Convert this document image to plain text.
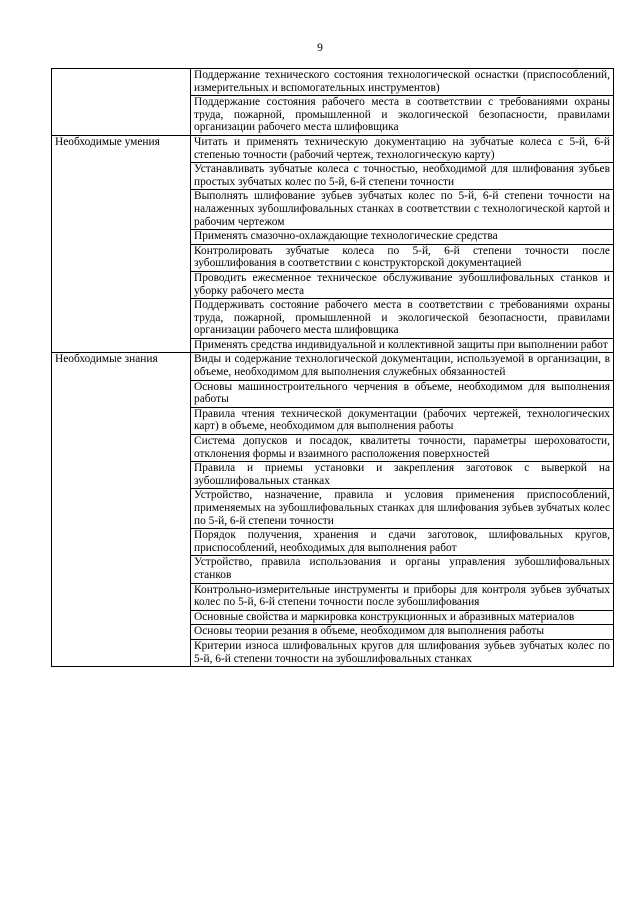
9
	Поддержание технического состояния технологической оснастки (приспособлений, измерительных и вспомогательных инструментов)
	Поддержание состояния рабочего места в соответствии с требованиями охраны труда, пожарной, промышленной и экологической безопасности, правилами организации рабочего места шлифовщика
Необходимые умения	Читать и применять техническую документацию на зубчатые колеса с 5-й, 6-й степенью точности (рабочий чертеж, технологическую карту)
	Устанавливать зубчатые колеса с точностью, необходимой для шлифования зубьев простых зубчатых колес по 5-й, 6-й степени точности
	Выполнять шлифование зубьев зубчатых колес по 5-й, 6-й степени точности на налаженных зубошлифовальных станках в соответствии с технологической картой и рабочим чертежом
	Применять смазочно-охлаждающие технологические средства
	Контролировать зубчатые колеса по 5-й, 6-й степени точности после зубошлифования в соответствии с конструкторской документацией
	Проводить ежесменное техническое обслуживание зубошлифовальных станков и уборку рабочего места
	Поддерживать состояние рабочего места в соответствии с требованиями охраны труда, пожарной, промышленной и экологической безопасности, правилами организации рабочего места шлифовщика
	Применять средства индивидуальной и коллективной защиты при выполнении работ
Необходимые знания	Виды и содержание технологической документации, используемой в организации, в объеме, необходимом для выполнения служебных обязанностей
	Основы машиностроительного черчения в объеме, необходимом для выполнения работы
	Правила чтения технической документации (рабочих чертежей, технологических карт) в объеме, необходимом для выполнения работы
	Система допусков и посадок, квалитеты точности, параметры шероховатости, отклонения формы и взаимного расположения поверхностей
	Правила и приемы установки и закрепления заготовок с выверкой на зубошлифовальных станках
	Устройство, назначение, правила и условия применения приспособлений, применяемых на зубошлифовальных станках для шлифования зубьев зубчатых колес по 5-й, 6-й степени точности
	Порядок получения, хранения и сдачи заготовок, шлифовальных кругов, приспособлений, необходимых для выполнения работ
	Устройство, правила использования и органы управления зубошлифовальных станков
	Контрольно-измерительные инструменты и приборы для контроля зубьев зубчатых колес по 5-й, 6-й степени точности после зубошлифования
	Основные свойства и маркировка конструкционных и абразивных материалов
	Основы теории резания в объеме, необходимом для выполнения работы
	Критерии износа шлифовальных кругов для шлифования зубьев зубчатых колес по 5-й, 6-й степени точности на зубошлифовальных станках
